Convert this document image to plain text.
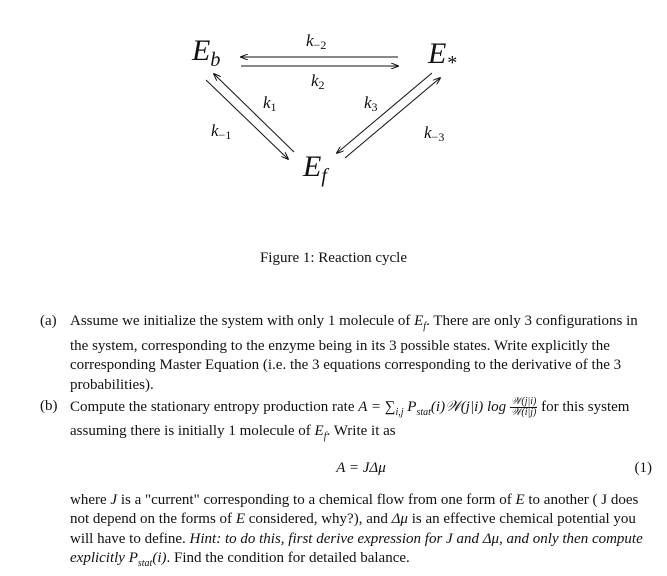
$E_b$	$E_*$
$E_f$
$k_{-2}$
$k_2$
$k_1$
$k_{-1}$
$k_3$
$k_{-3}$
Figure 1: Reaction cycle
(a) Assume we initialize the system with only 1 molecule of $E_f$. There are only 3 configurations in the system, corresponding to the enzyme being in its 3 possible states. Write explicitly the corresponding Master Equation (i.e. the 3 equations corresponding to the derivative of the 3 probabilities).
(b) Compute the stationary entropy production rate $A = \sum_{i,j}$ $P_{stat}(i)𝒲(j|i)$ $\log \frac{\text{𝒲(j|i)}}{\text{𝒲(i|j)}}$ for this system assuming there is initially 1 molecule of $E_f$. Write it as
A = JΔμ	(1)
where J is a "current" corresponding to a chemical flow from one form of E to another ( J does not depend on the forms of E considered, why?), and Δμ is an effective chemical potential you will have to define. Hint: to do this, first derive expression for J and Δμ, and only then compute explicitly $P_{stat}(i)$. Find the condition for detailed balance.
